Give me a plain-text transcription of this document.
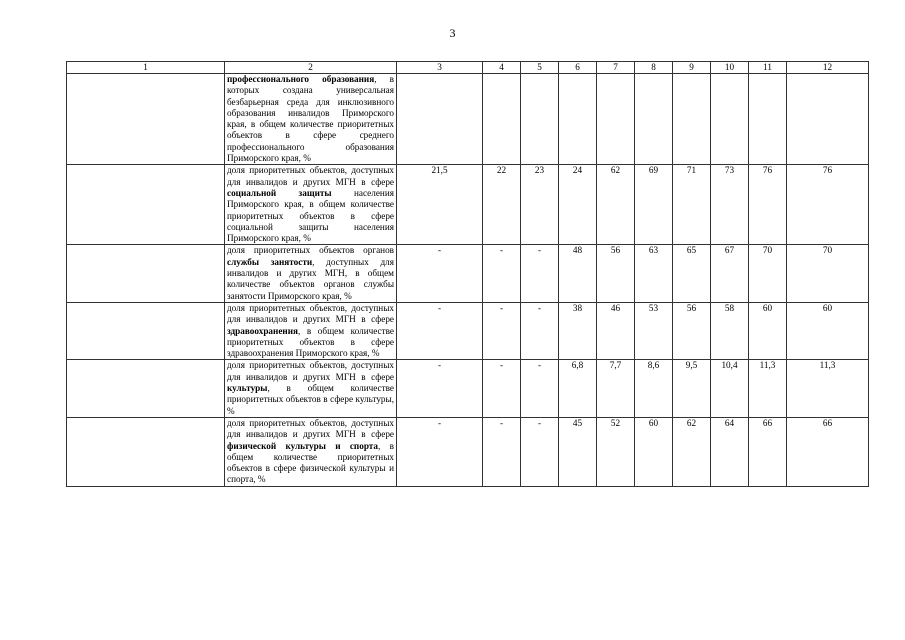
3
1	2	3	4	5	6	7	8	9	10	11	12
	профессионального образования, в которых создана универсальная безбарьерная среда для инклюзивного образования инвалидов Приморского края, в общем количестве приоритетных объектов в сфере среднего профессионального образования Приморского края, %										
	доля приоритетных объектов, доступных для инвалидов и других МГН в сфере социальной защиты населения Приморского края, в общем количестве приоритетных объектов в сфере социальной защиты населения Приморского края, %	21,5	22	23	24	62	69	71	73	76	76
	доля приоритетных объектов органов службы занятости, доступных для инвалидов и других МГН, в общем количестве объектов органов службы занятости Приморского края, %	-	-	-	48	56	63	65	67	70	70
	доля приоритетных объектов, доступных для инвалидов и других МГН в сфере здравоохранения, в общем количестве приоритетных объектов в сфере здравоохранения Приморского края, %	-	-	-	38	46	53	56	58	60	60
	доля приоритетных объектов, доступных для инвалидов и других МГН в сфере культуры, в общем количестве приоритетных объектов в сфере культуры, %	-	-	-	6,8	7,7	8,6	9,5	10,4	11,3	11,3
	доля приоритетных объектов, доступных для инвалидов и других МГН в сфере физической культуры и спорта, в общем количестве приоритетных объектов в сфере физической культуры и спорта, %	-	-	-	45	52	60	62	64	66	66
